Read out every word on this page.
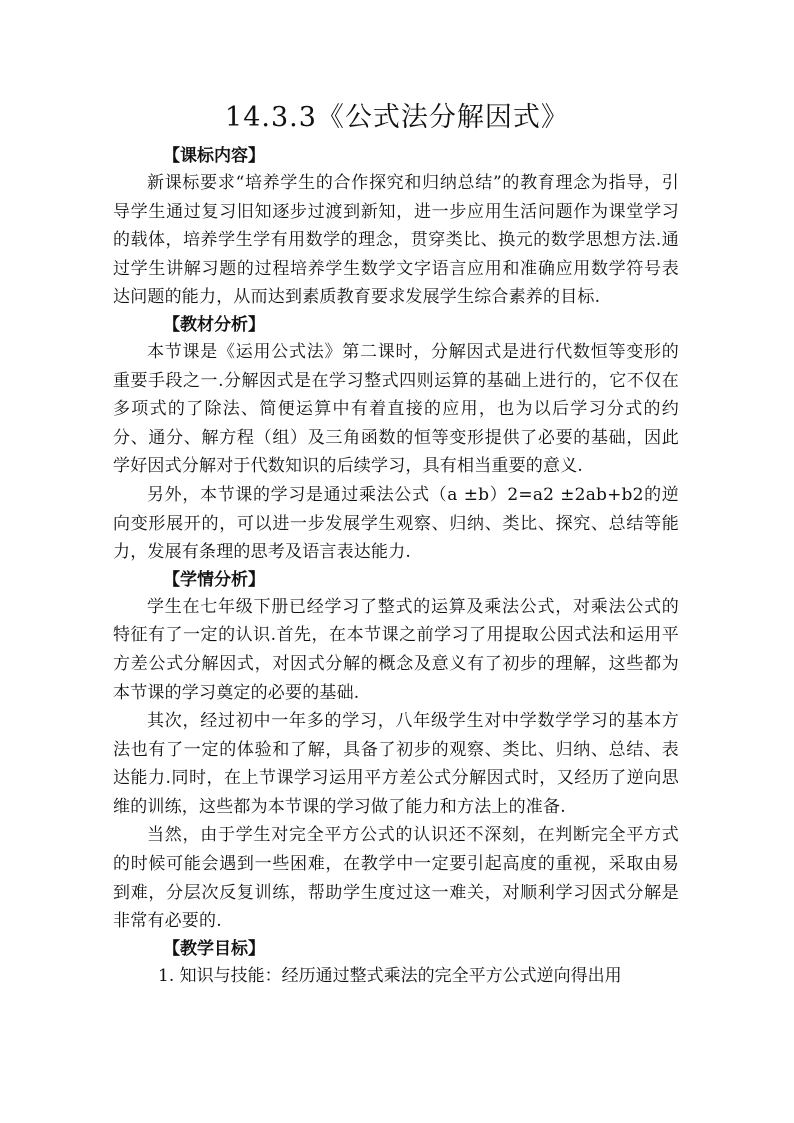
14.3.3《公式法分解因式》

【课标内容】

新课标要求“培养学生的合作探究和归纳总结”的教育理念为指导，引导学生通过复习旧知逐步过渡到新知，进一步应用生活问题作为课堂学习的载体，培养学生学有用数学的理念，贯穿类比、换元的数学思想方法.通过学生讲解习题的过程培养学生数学文字语言应用和准确应用数学符号表达问题的能力，从而达到素质教育要求发展学生综合素养的目标.

【教材分析】

本节课是《运用公式法》第二课时，分解因式是进行代数恒等变形的重要手段之一.分解因式是在学习整式四则运算的基础上进行的，它不仅在多项式的了除法、简便运算中有着直接的应用，也为以后学习分式的约分、通分、解方程（组）及三角函数的恒等变形提供了必要的基础，因此学好因式分解对于代数知识的后续学习，具有相当重要的意义.

另外，本节课的学习是通过乘法公式（a ±b）2=a2 ±2ab+b2的逆向变形展开的，可以进一步发展学生观察、归纳、类比、探究、总结等能力，发展有条理的思考及语言表达能力.

【学情分析】

学生在七年级下册已经学习了整式的运算及乘法公式，对乘法公式的特征有了一定的认识.首先，在本节课之前学习了用提取公因式法和运用平方差公式分解因式，对因式分解的概念及意义有了初步的理解，这些都为本节课的学习奠定的必要的基础.

其次，经过初中一年多的学习，八年级学生对中学数学学习的基本方法也有了一定的体验和了解，具备了初步的观察、类比、归纳、总结、表达能力.同时，在上节课学习运用平方差公式分解因式时，又经历了逆向思维的训练，这些都为本节课的学习做了能力和方法上的准备.

当然，由于学生对完全平方公式的认识还不深刻，在判断完全平方式的时候可能会遇到一些困难，在教学中一定要引起高度的重视，采取由易到难，分层次反复训练，帮助学生度过这一难关，对顺利学习因式分解是非常有必要的.

【教学目标】

1. 知识与技能：经历通过整式乘法的完全平方公式逆向得出用
